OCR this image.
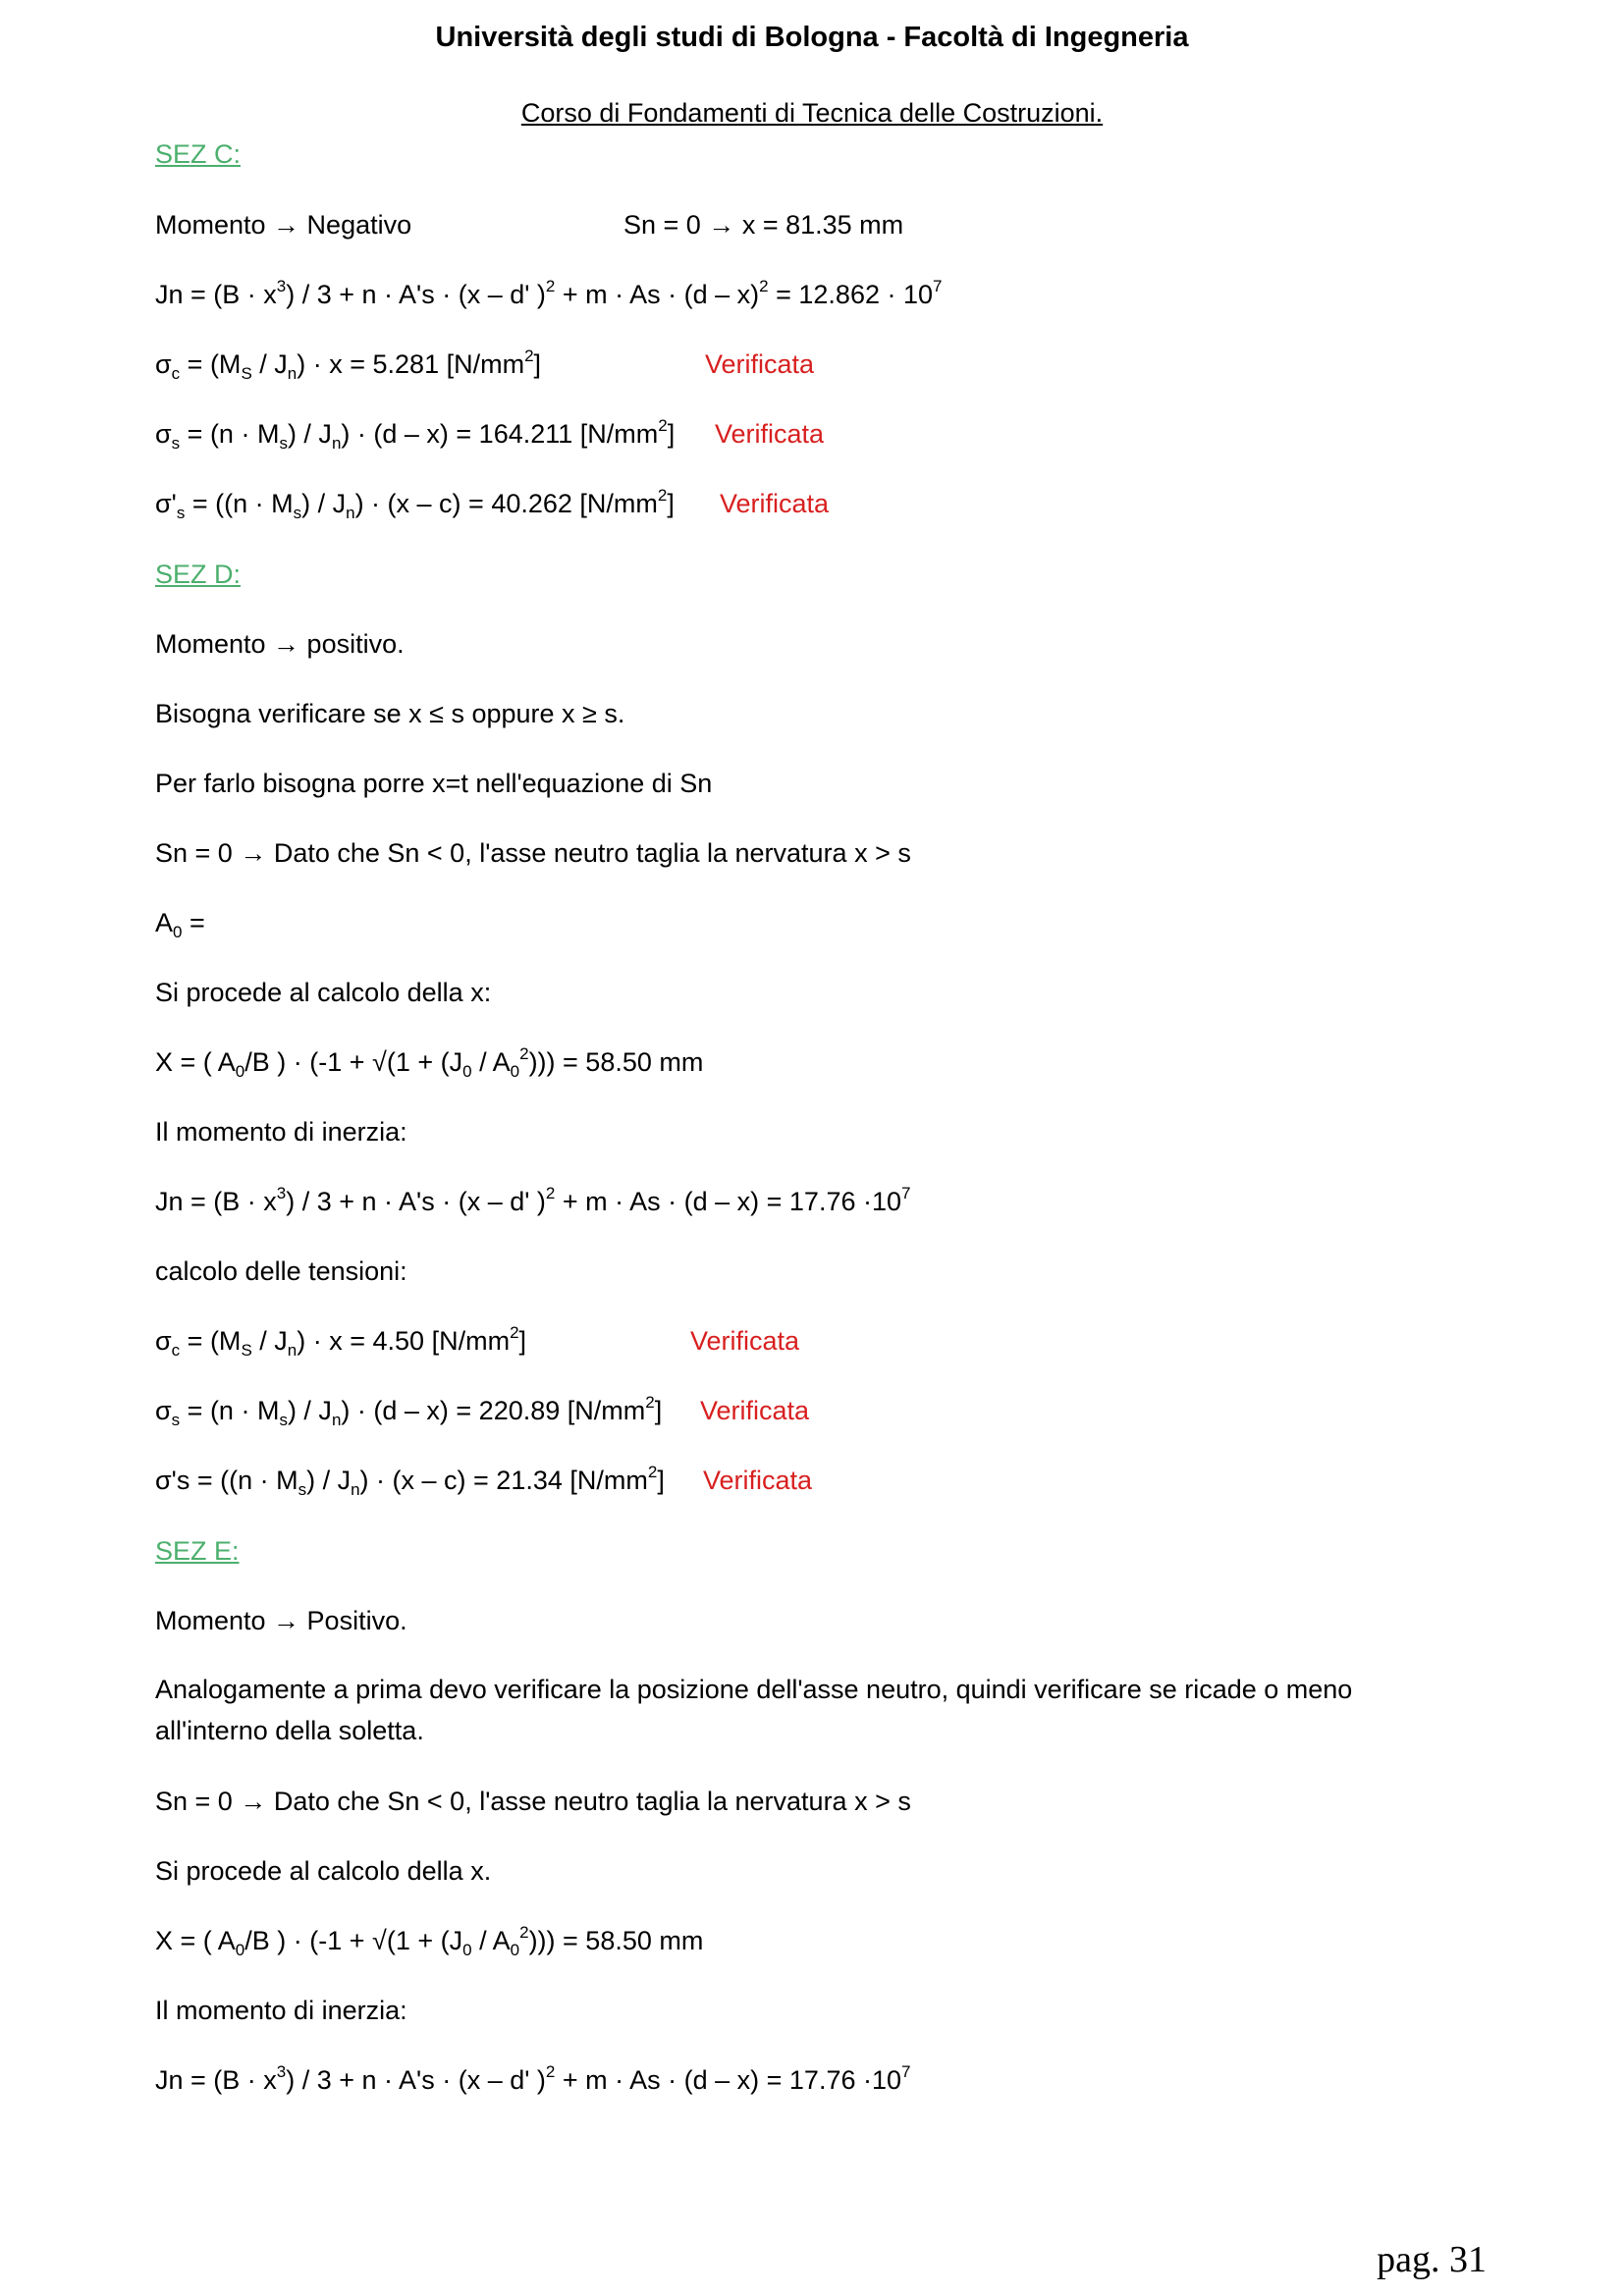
Università degli studi di Bologna - Facoltà di Ingegneria
Corso di Fondamenti di Tecnica delle Costruzioni.
SEZ C:
Momento → Negativo	Sn = 0 → x = 81.35 mm
$Jn = (B \cdot x^3) / 3 + n \cdot A's \cdot (x - d'$ )$^2 + m \cdot As \cdot (d - x)^2 = 12.862 \cdot 10^7$
$\sigma_c = (M_S / J_n) \cdot x = 5.281$ $[N/mm^2]$	Verificata
$\sigma_s = (n \cdot M_s) / J_n) \cdot (d - x) = 164.211$ $[N/mm^2]$ Verificata
$\sigma'_s = ((n \cdot M_s) / J_n) \cdot (x - c) = 40.262$ $[N/mm^2]$ Verificata
SEZ D:
Momento → positivo.
Bisogna verificare se x ≤ s oppure x ≥ s.
Per farlo bisogna porre x=t nell'equazione di Sn
Sn = 0 → Dato che Sn < 0, l'asse neutro taglia la nervatura x > s
$A_0$ =
Si procede al calcolo della x:
X = ( $A_0/B$ ) · $(-1 + √(1 + (J_0 / A_0^2))) = 58.50$ mm
Il momento di inerzia:
$Jn = (B \cdot x^3) / 3 + n \cdot A's \cdot (x - d'$ )$^2 + m \cdot As \cdot (d - x) = 17.76 \cdot 10^7$
calcolo delle tensioni:
$\sigma_c = (M_S / J_n) \cdot x = 4.50$ $[N/mm^2]$	Verificata
$\sigma_s = (n \cdot M_s) / J_n) \cdot (d - x) = 220.89$ $[N/mm^2]$ Verificata
$\sigma's = ((n \cdot M_s) / J_n) \cdot (x - c) = 21.34$ $[N/mm^2]$ Verificata
SEZ E:
Momento → Positivo.
Analogamente a prima devo verificare la posizione dell'asse neutro, quindi verificare se ricade o meno all'interno della soletta.
Sn = 0 → Dato che Sn < 0, l'asse neutro taglia la nervatura x > s
Si procede al calcolo della x.
X = ( $A_0/B$ ) · $(-1 + √(1 + (J_0 / A_0^2))) = 58.50$ mm
Il momento di inerzia:
$Jn = (B \cdot x^3) / 3 + n \cdot A's \cdot (x - d'$ )$^2 + m \cdot As \cdot (d - x) = 17.76 \cdot 10^7$
pag. 31
